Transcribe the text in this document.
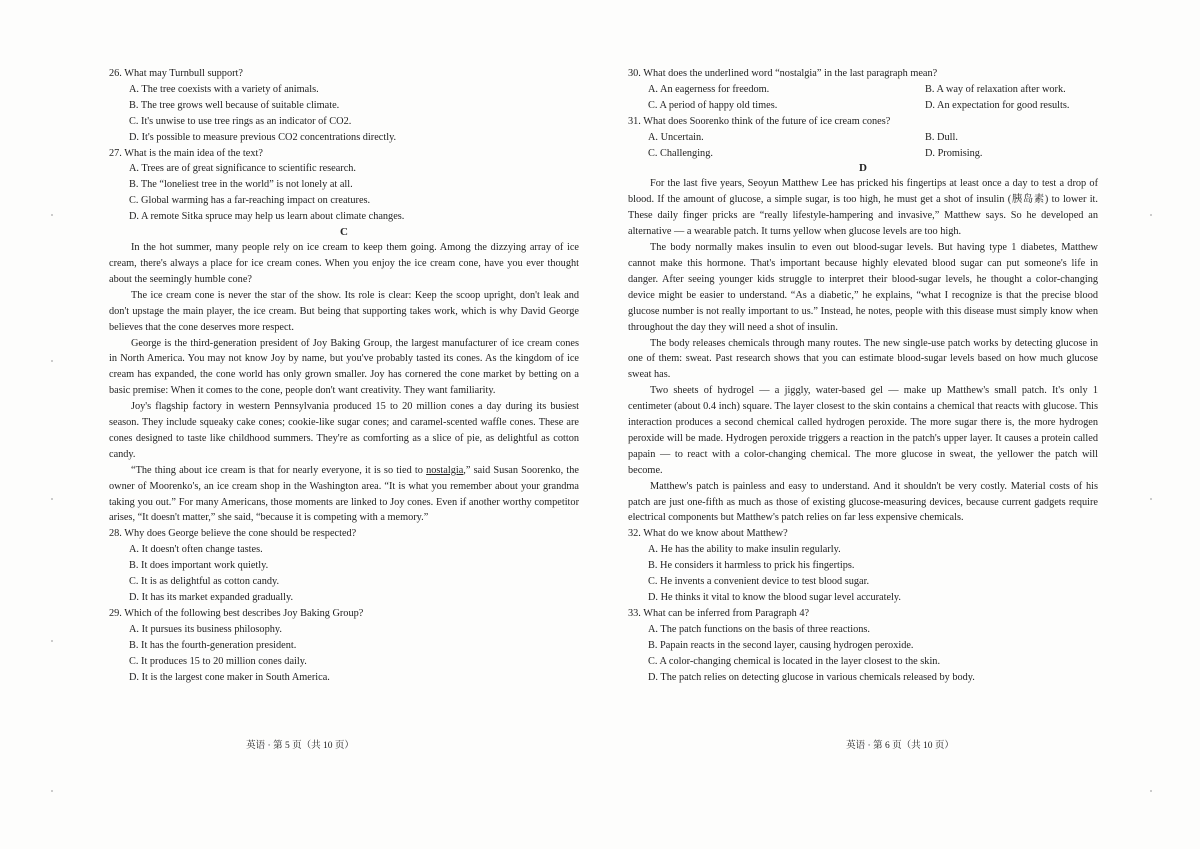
26. What may Turnbull support?

A. The tree coexists with a variety of animals.

B. The tree grows well because of suitable climate.

C. It's unwise to use tree rings as an indicator of CO2.

D. It's possible to measure previous CO2 concentrations directly.

27. What is the main idea of the text?

A. Trees are of great significance to scientific research.

B. The “loneliest tree in the world” is not lonely at all.

C. Global warming has a far-reaching impact on creatures.

D. A remote Sitka spruce may help us learn about climate changes.

C

In the hot summer, many people rely on ice cream to keep them going. Among the dizzying array of ice cream, there's always a place for ice cream cones. When you enjoy the ice cream cone, have you ever thought about the seemingly humble cone?

The ice cream cone is never the star of the show. Its role is clear: Keep the scoop upright, don't leak and don't upstage the main player, the ice cream. But being that supporting takes work, which is why David George believes that the cone deserves more respect.

George is the third-generation president of Joy Baking Group, the largest manufacturer of ice cream cones in North America. You may not know Joy by name, but you've probably tasted its cones. As the kingdom of ice cream has expanded, the cone world has only grown smaller. Joy has cornered the cone market by betting on a basic premise: When it comes to the cone, people don't want creativity. They want familiarity.

Joy's flagship factory in western Pennsylvania produced 15 to 20 million cones a day during its busiest season. They include squeaky cake cones; cookie-like sugar cones; and caramel-scented waffle cones. These are cones designed to taste like childhood summers. They're as comforting as a slice of pie, as delightful as cotton candy.

“The thing about ice cream is that for nearly everyone, it is so tied to nostalgia,” said Susan Soorenko, the owner of Moorenko's, an ice cream shop in the Washington area. “It is what you remember about your grandma taking you out.” For many Americans, those moments are linked to Joy cones. Even if another worthy competitor arises, “It doesn't matter,” she said, “because it is competing with a memory.”

28. Why does George believe the cone should be respected?

A. It doesn't often change tastes.

B. It does important work quietly.

C. It is as delightful as cotton candy.

D. It has its market expanded gradually.

29. Which of the following best describes Joy Baking Group?

A. It pursues its business philosophy.

B. It has the fourth-generation president.

C. It produces 15 to 20 million cones daily.

D. It is the largest cone maker in South America.

英语 · 第 5 页（共 10 页）

30. What does the underlined word “nostalgia” in the last paragraph mean?

A. An eagerness for freedom.	B. A way of relaxation after work.
C. A period of happy old times.	D. An expectation for good results.

31. What does Soorenko think of the future of ice cream cones?

A. Uncertain.	B. Dull.
C. Challenging.	D. Promising.

D

For the last five years, Seoyun Matthew Lee has pricked his fingertips at least once a day to test a drop of blood. If the amount of glucose, a simple sugar, is too high, he must get a shot of insulin (胰岛素) to lower it. These daily finger pricks are “really lifestyle-hampering and invasive,” Matthew says. So he developed an alternative — a wearable patch. It turns yellow when glucose levels are too high.

The body normally makes insulin to even out blood-sugar levels. But having type 1 diabetes, Matthew cannot make this hormone. That's important because highly elevated blood sugar can put someone's life in danger. After seeing younger kids struggle to interpret their blood-sugar levels, he thought a color-changing device might be easier to understand. “As a diabetic,” he explains, “what I recognize is that the precise blood glucose number is not really important to us.” Instead, he notes, people with this disease must simply know when throughout the day they will need a shot of insulin.

The body releases chemicals through many routes. The new single-use patch works by detecting glucose in one of them: sweat. Past research shows that you can estimate blood-sugar levels based on how much glucose sweat has.

Two sheets of hydrogel — a jiggly, water-based gel — make up Matthew's small patch. It's only 1 centimeter (about 0.4 inch) square. The layer closest to the skin contains a chemical that reacts with glucose. This interaction produces a second chemical called hydrogen peroxide. The more sugar there is, the more hydrogen peroxide will be made. Hydrogen peroxide triggers a reaction in the patch's upper layer. It causes a protein called papain — to react with a color-changing chemical. The more glucose in sweat, the yellower the patch will become.

Matthew's patch is painless and easy to understand. And it shouldn't be very costly. Material costs of his patch are just one-fifth as much as those of existing glucose-measuring devices, because current gadgets require electrical components but Matthew's patch relies on far less expensive chemicals.

32. What do we know about Matthew?

A. He has the ability to make insulin regularly.

B. He considers it harmless to prick his fingertips.

C. He invents a convenient device to test blood sugar.

D. He thinks it vital to know the blood sugar level accurately.

33. What can be inferred from Paragraph 4?

A. The patch functions on the basis of three reactions.

B. Papain reacts in the second layer, causing hydrogen peroxide.

C. A color-changing chemical is located in the layer closest to the skin.

D. The patch relies on detecting glucose in various chemicals released by body.

英语 · 第 6 页（共 10 页）
